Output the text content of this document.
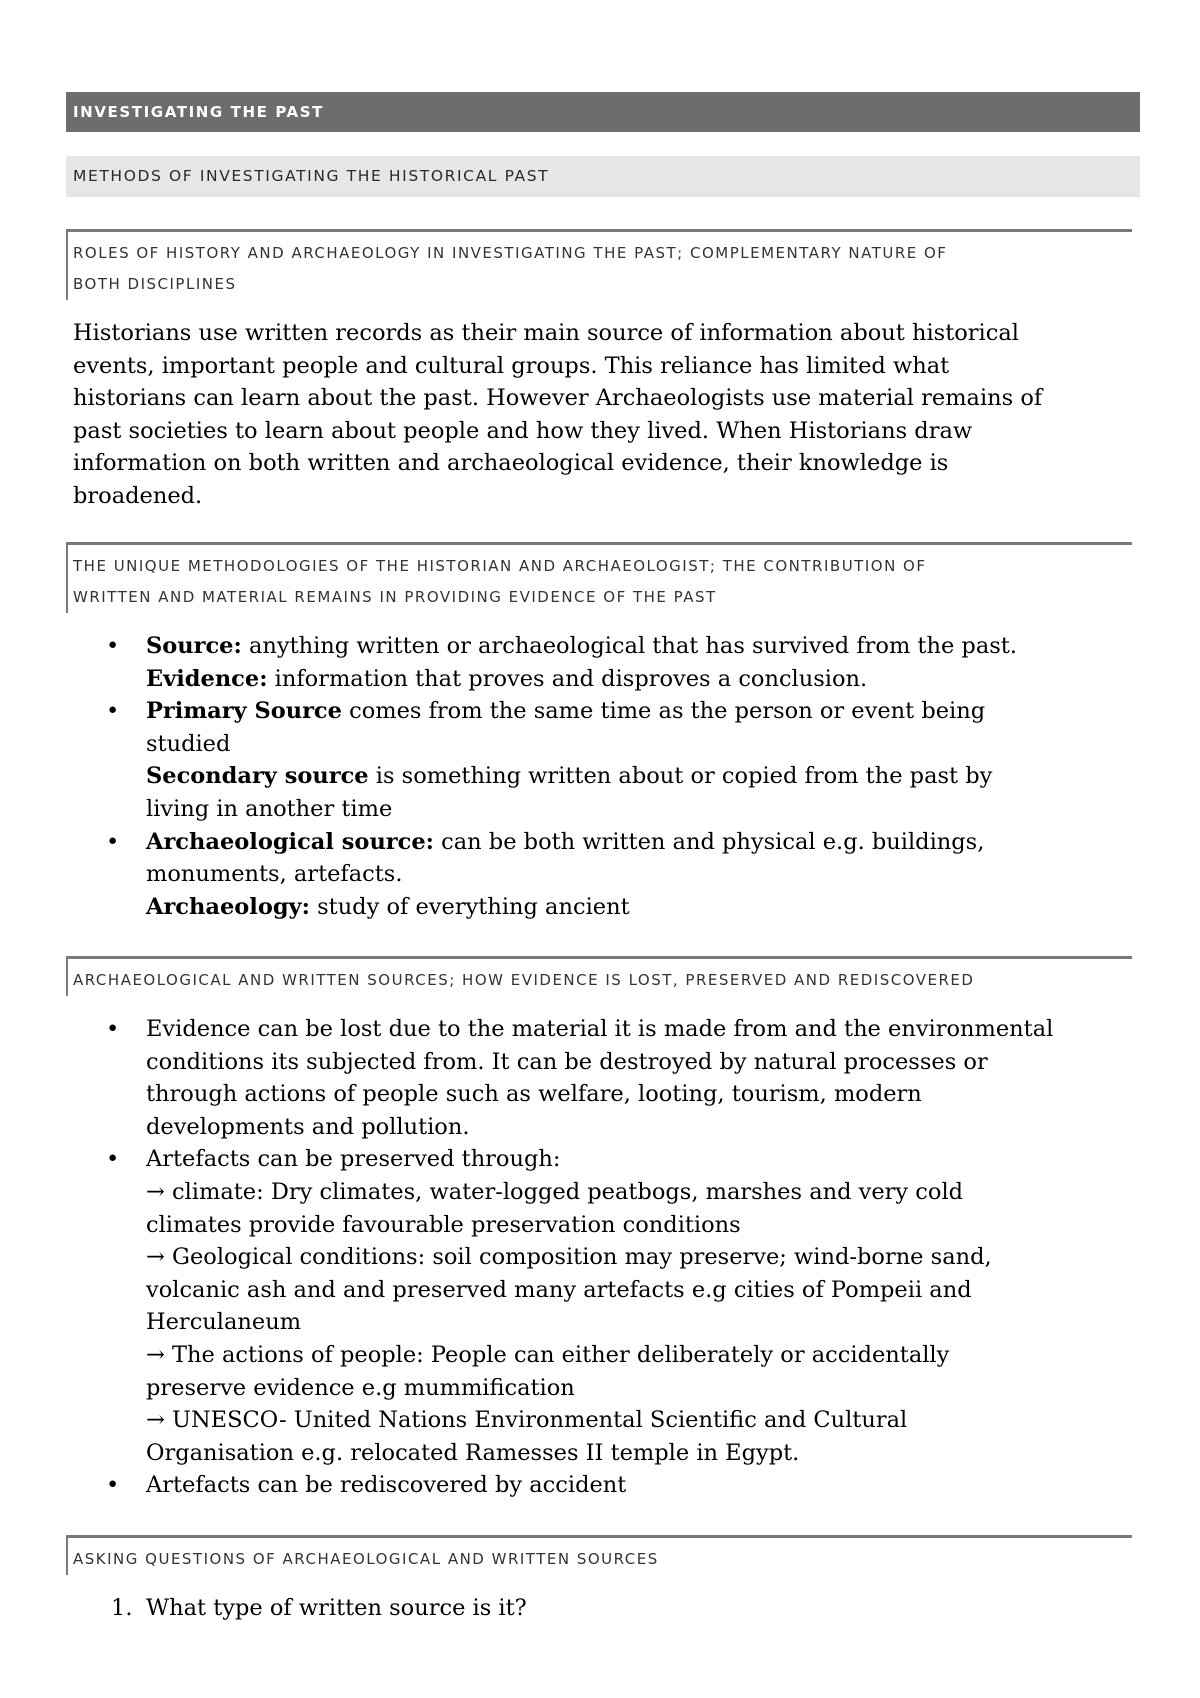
INVESTIGATING THE PAST
METHODS OF INVESTIGATING THE HISTORICAL PAST
ROLES OF HISTORY AND ARCHAEOLOGY IN INVESTIGATING THE PAST; COMPLEMENTARY NATURE OF
BOTH DISCIPLINES

Historians use written records as their main source of information about historical
events, important people and cultural groups. This reliance has limited what
historians can learn about the past. However Archaeologists use material remains of
past societies to learn about people and how they lived. When Historians draw
information on both written and archaeological evidence, their knowledge is
broadened.

THE UNIQUE METHODOLOGIES OF THE HISTORIAN AND ARCHAEOLOGIST; THE CONTRIBUTION OF
WRITTEN AND MATERIAL REMAINS IN PROVIDING EVIDENCE OF THE PAST
• Source: anything written or archaeological that has survived from the past.
Evidence: information that proves and disproves a conclusion.
• Primary Source comes from the same time as the person or event being
studied
Secondary source is something written about or copied from the past by
living in another time
• Archaeological source: can be both written and physical e.g. buildings,
monuments, artefacts.
Archaeology: study of everything ancient
ARCHAEOLOGICAL AND WRITTEN SOURCES; HOW EVIDENCE IS LOST, PRESERVED AND REDISCOVERED
• Evidence can be lost due to the material it is made from and the environmental
conditions its subjected from. It can be destroyed by natural processes or
through actions of people such as welfare, looting, tourism, modern
developments and pollution.
• Artefacts can be preserved through:
→ climate: Dry climates, water-logged peatbogs, marshes and very cold
climates provide favourable preservation conditions
→ Geological conditions: soil composition may preserve; wind-borne sand,
volcanic ash and and preserved many artefacts e.g cities of Pompeii and
Herculaneum
→ The actions of people: People can either deliberately or accidentally
preserve evidence e.g mummification
→ UNESCO- United Nations Environmental Scientific and Cultural
Organisation e.g. relocated Ramesses II temple in Egypt.
• Artefacts can be rediscovered by accident
ASKING QUESTIONS OF ARCHAEOLOGICAL AND WRITTEN SOURCES
1. What type of written source is it?
